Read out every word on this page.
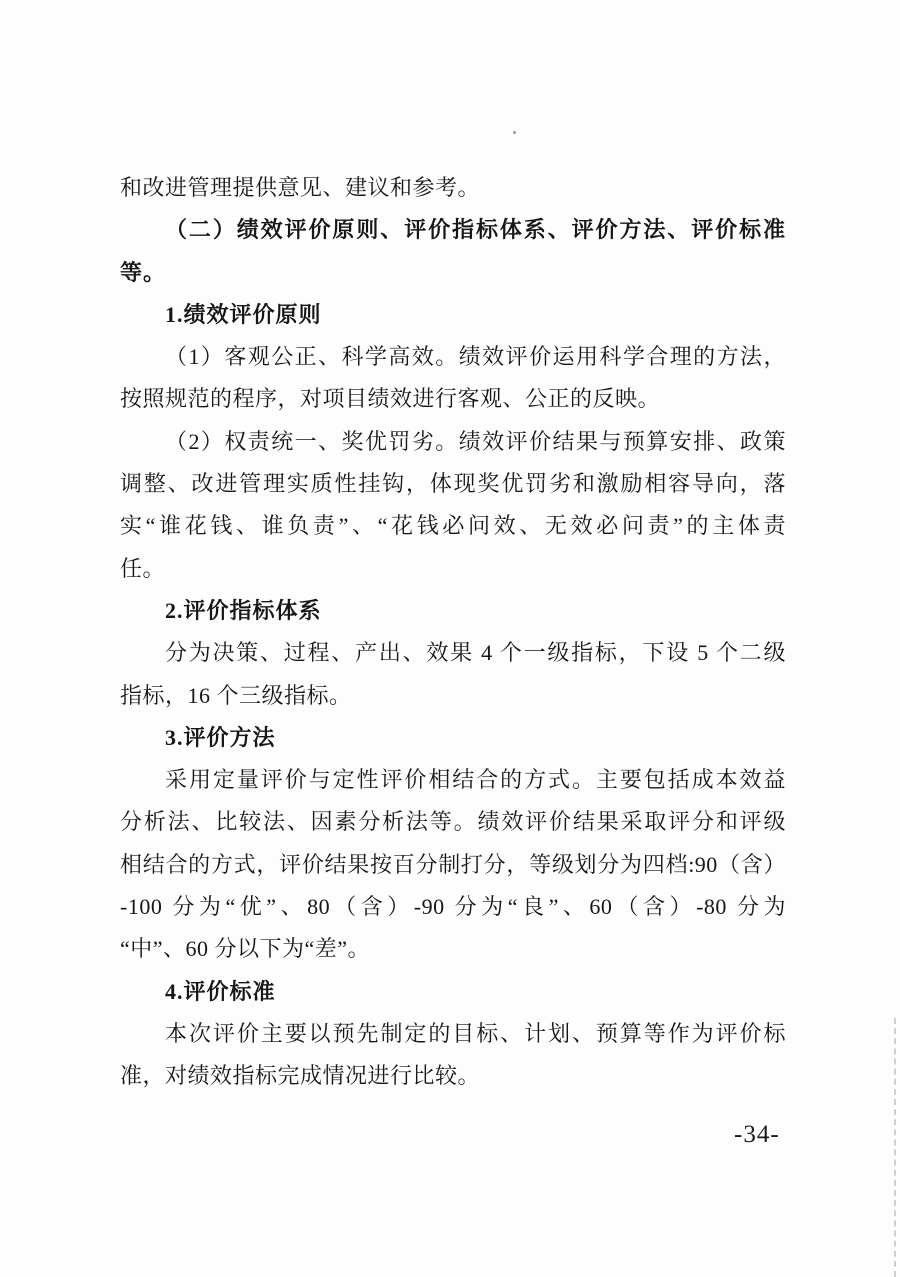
和改进管理提供意见、建议和参考。
（二）绩效评价原则、评价指标体系、评价方法、评价标准
等。
1.绩效评价原则
（1）客观公正、科学高效。绩效评价运用科学合理的方法，
按照规范的程序，对项目绩效进行客观、公正的反映。
（2）权责统一、奖优罚劣。绩效评价结果与预算安排、政策
调整、改进管理实质性挂钩，体现奖优罚劣和激励相容导向，落
实“谁花钱、谁负责”、“花钱必问效、无效必问责”的主体责
任。
2.评价指标体系
分为决策、过程、产出、效果 4 个一级指标，下设 5 个二级
指标，16 个三级指标。
3.评价方法
采用定量评价与定性评价相结合的方式。主要包括成本效益
分析法、比较法、因素分析法等。绩效评价结果采取评分和评级
相结合的方式，评价结果按百分制打分，等级划分为四档:90（含）
-100 分为“优”、80（含）-90 分为“良”、60（含）-80 分为
“中”、60 分以下为“差”。
4.评价标准
本次评价主要以预先制定的目标、计划、预算等作为评价标
准，对绩效指标完成情况进行比较。
-34-
